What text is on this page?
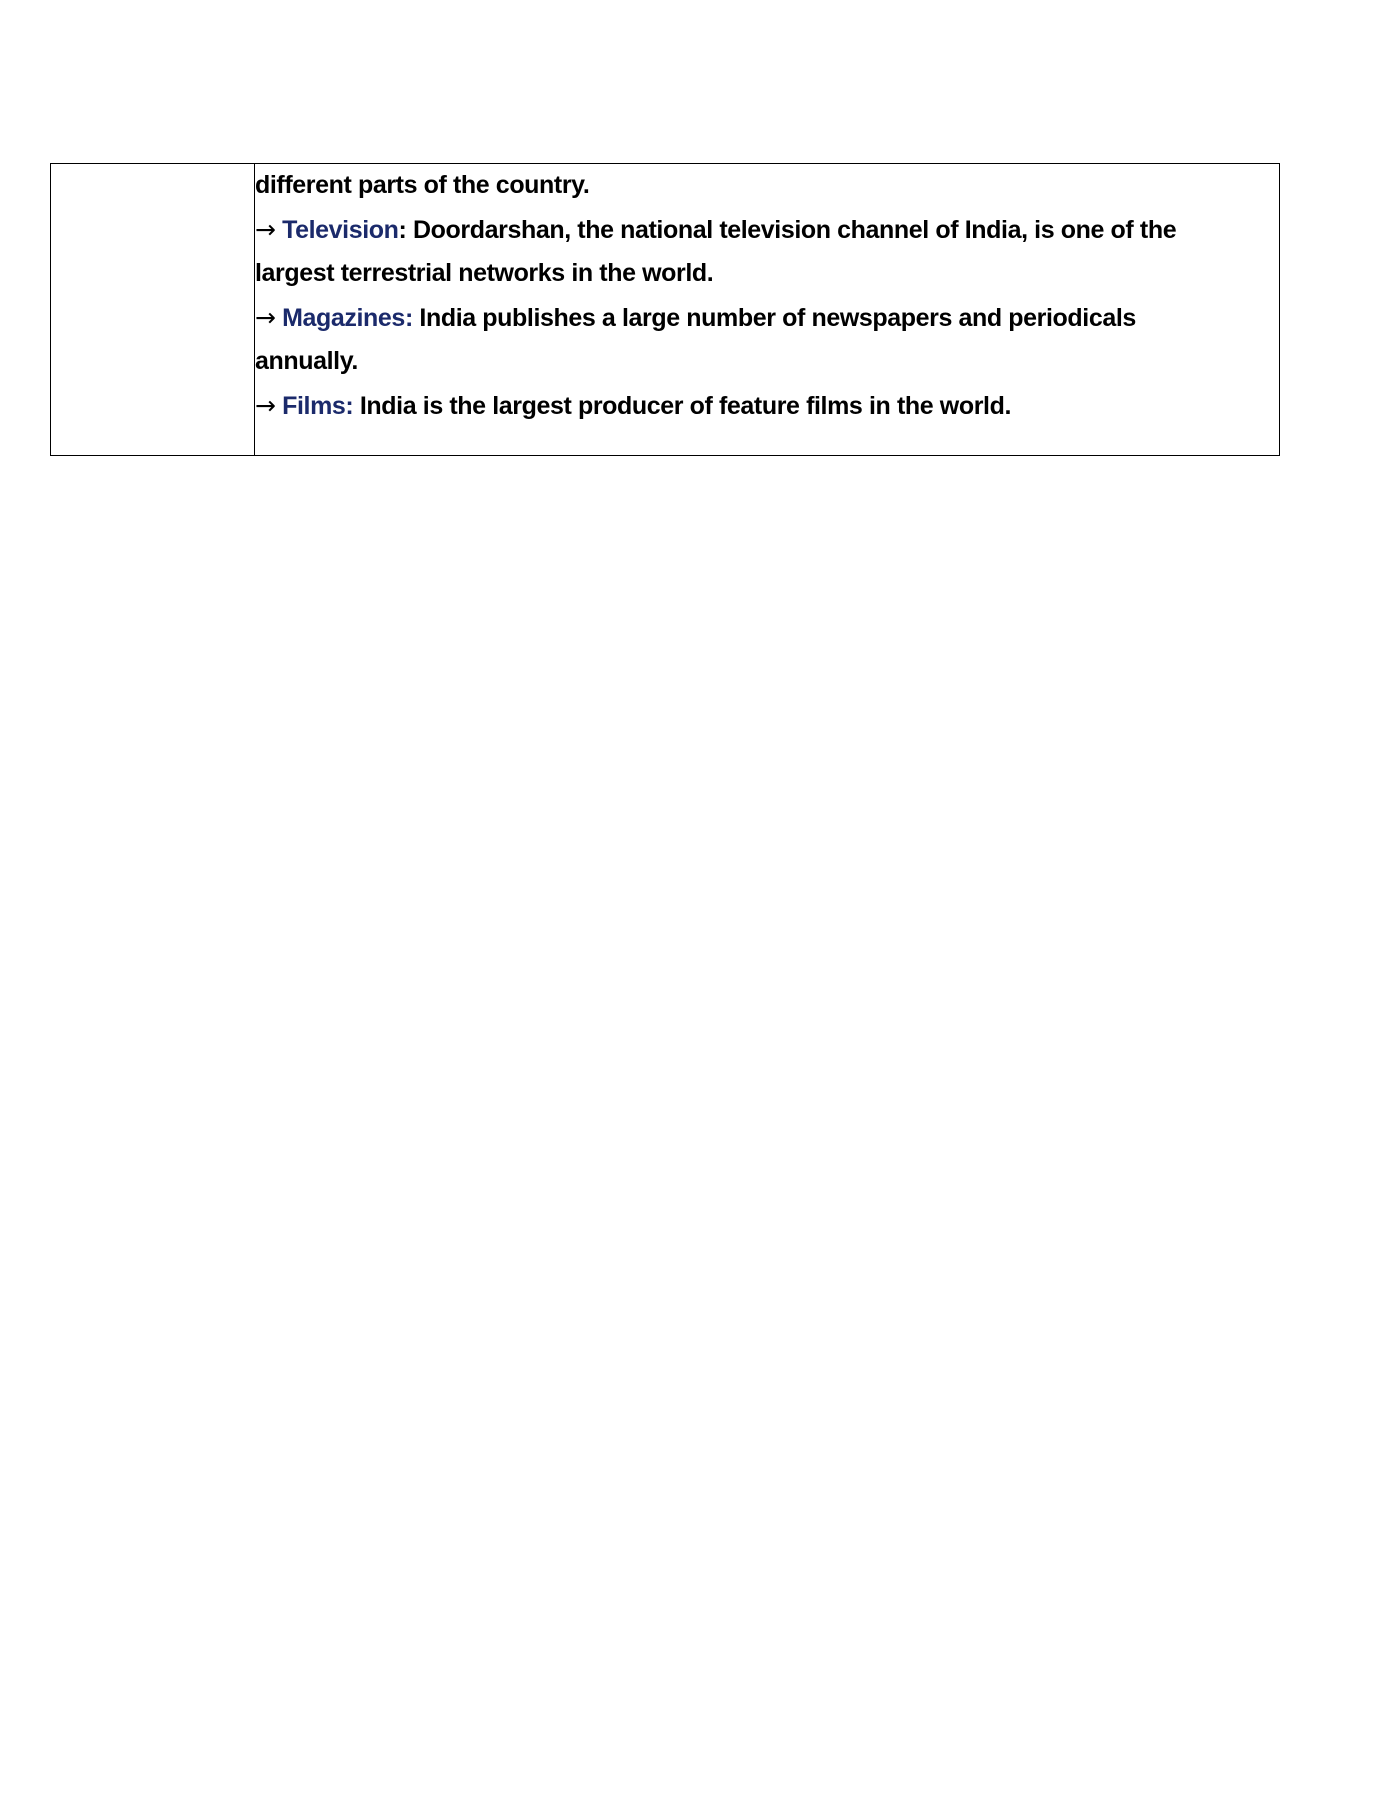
different parts of the country.
→ Television: Doordarshan, the national television channel of India, is one of the
largest terrestrial networks in the world.
→ Magazines: India publishes a large number of newspapers and periodicals
annually.
→ Films: India is the largest producer of feature films in the world.
